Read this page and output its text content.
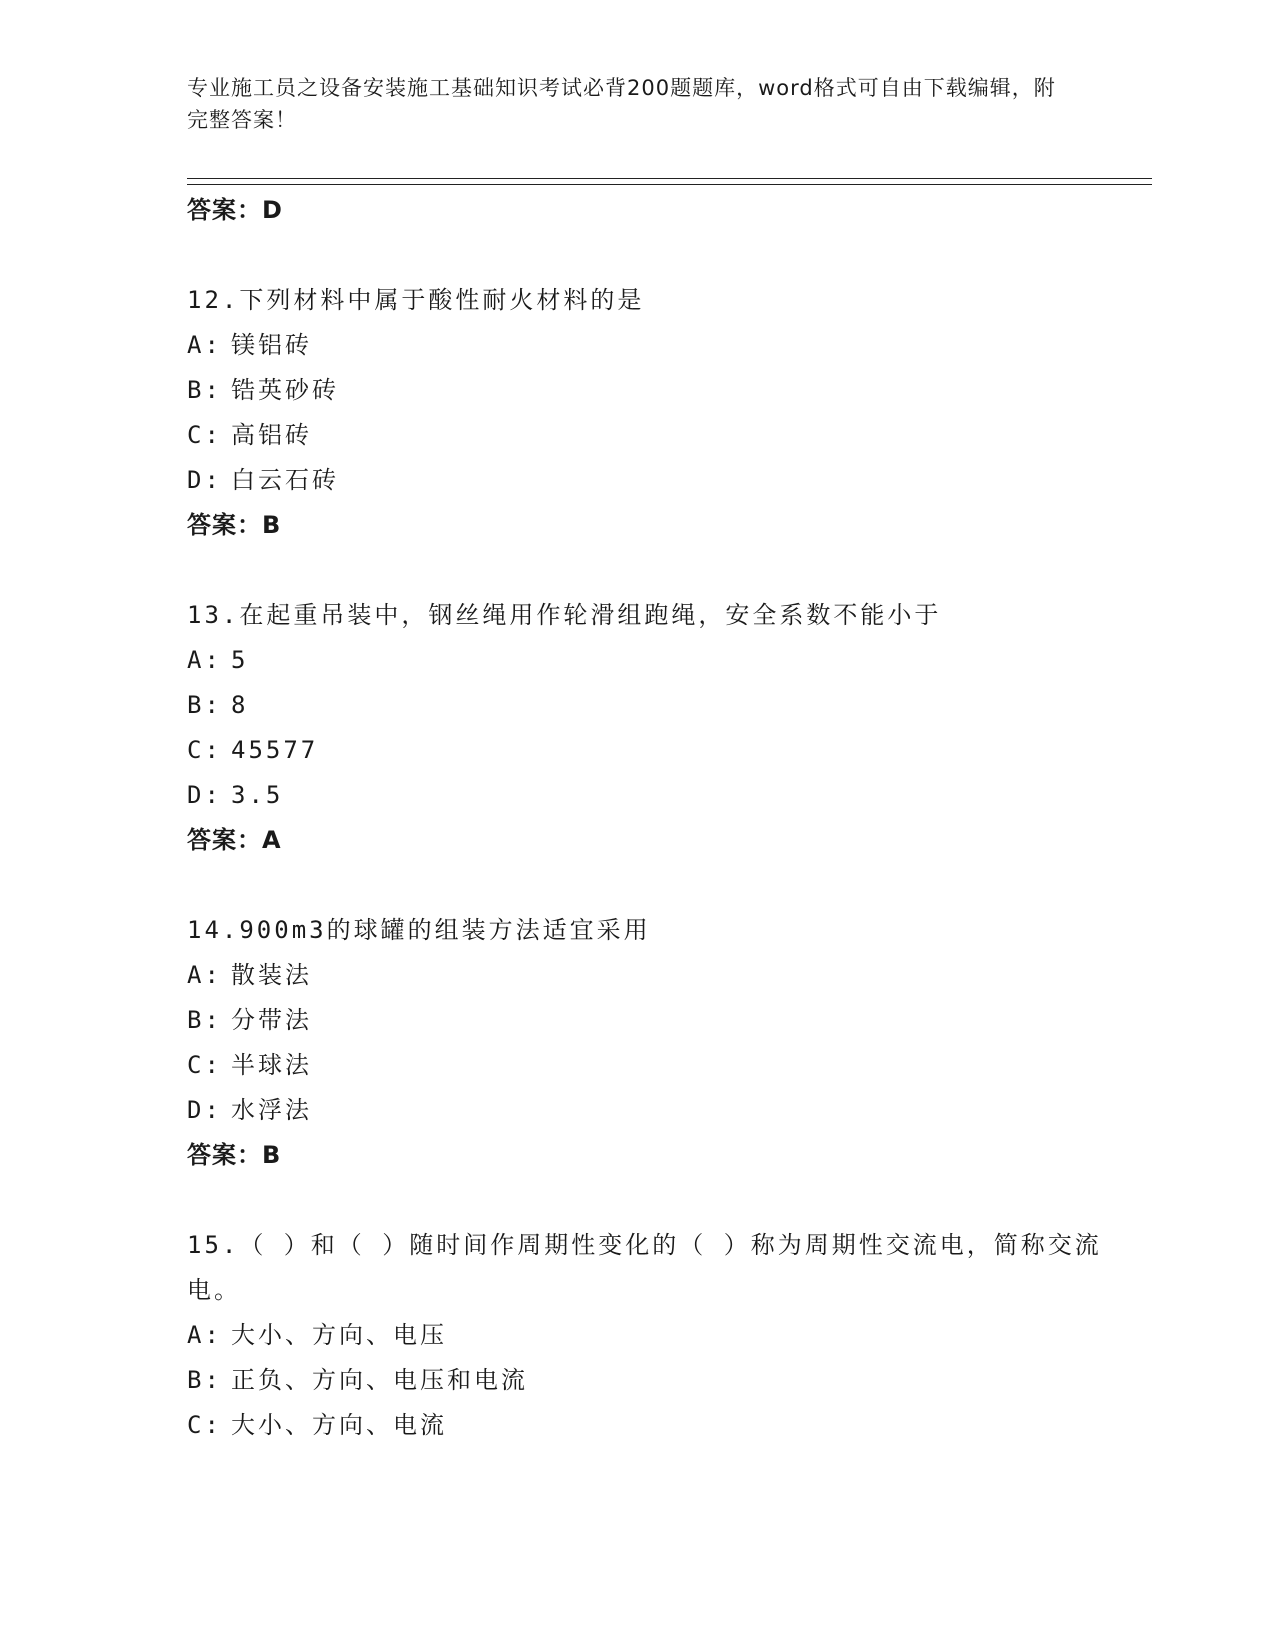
专业施工员之设备安装施工基础知识考试必背200题题库，word格式可自由下载编辑，附完整答案！
答案：D
12.下列材料中属于酸性耐火材料的是
A: 镁铝砖
B: 锆英砂砖
C: 高铝砖
D: 白云石砖
答案：B
13.在起重吊装中，钢丝绳用作轮滑组跑绳，安全系数不能小于
A: 5
B: 8
C: 45577
D: 3.5
答案：A
14.900m3的球罐的组装方法适宜采用
A: 散装法
B: 分带法
C: 半球法
D: 水浮法
答案：B
15.（ ）和（ ）随时间作周期性变化的（ ）称为周期性交流电，简称交流电。
A: 大小、方向、电压
B: 正负、方向、电压和电流
C: 大小、方向、电流
